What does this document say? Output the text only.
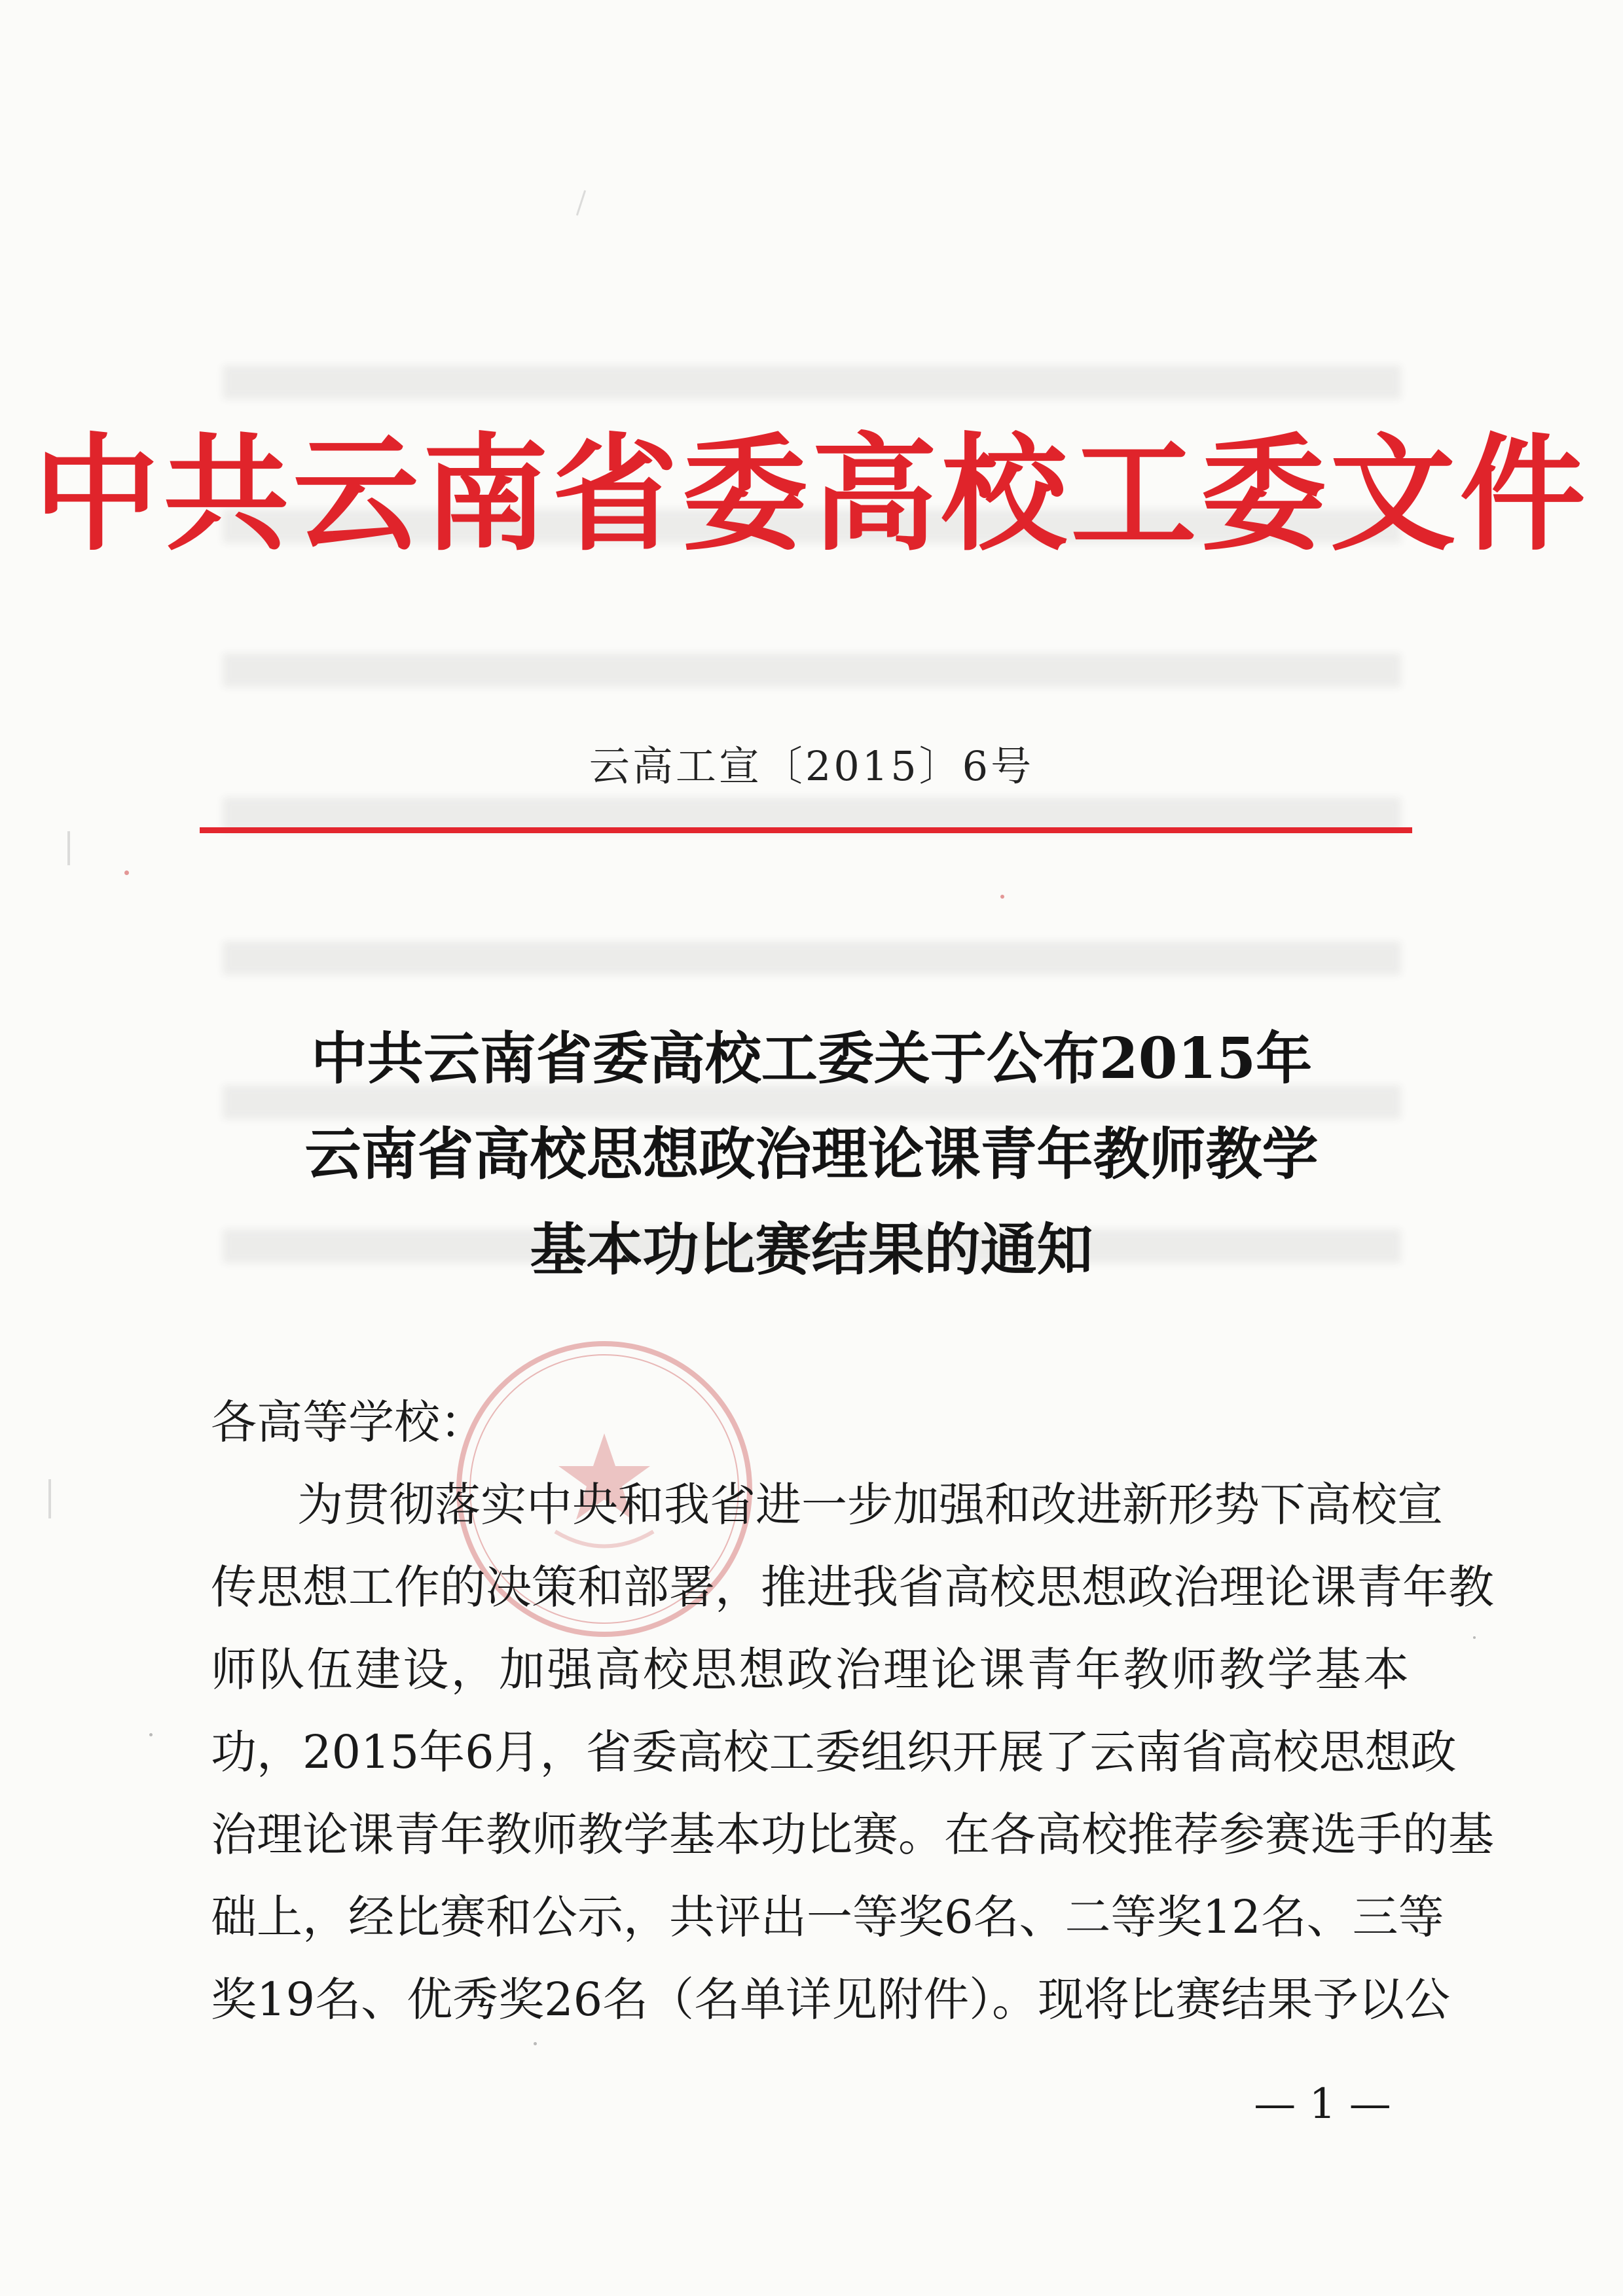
中共云南省委高校工委文件
云高工宣〔2015〕6号
中共云南省委高校工委关于公布2015年
云南省高校思想政治理论课青年教师教学
基本功比赛结果的通知
各高等学校：
为贯彻落实中央和我省进一步加强和改进新形势下高校宣
传思想工作的决策和部署，推进我省高校思想政治理论课青年教
师队伍建设，加强高校思想政治理论课青年教师教学基本
功，2015年6月，省委高校工委组织开展了云南省高校思想政
治理论课青年教师教学基本功比赛。在各高校推荐参赛选手的基
础上，经比赛和公示，共评出一等奖6名、二等奖12名、三等
奖19名、优秀奖26名（名单详见附件）。现将比赛结果予以公
— 1 —
